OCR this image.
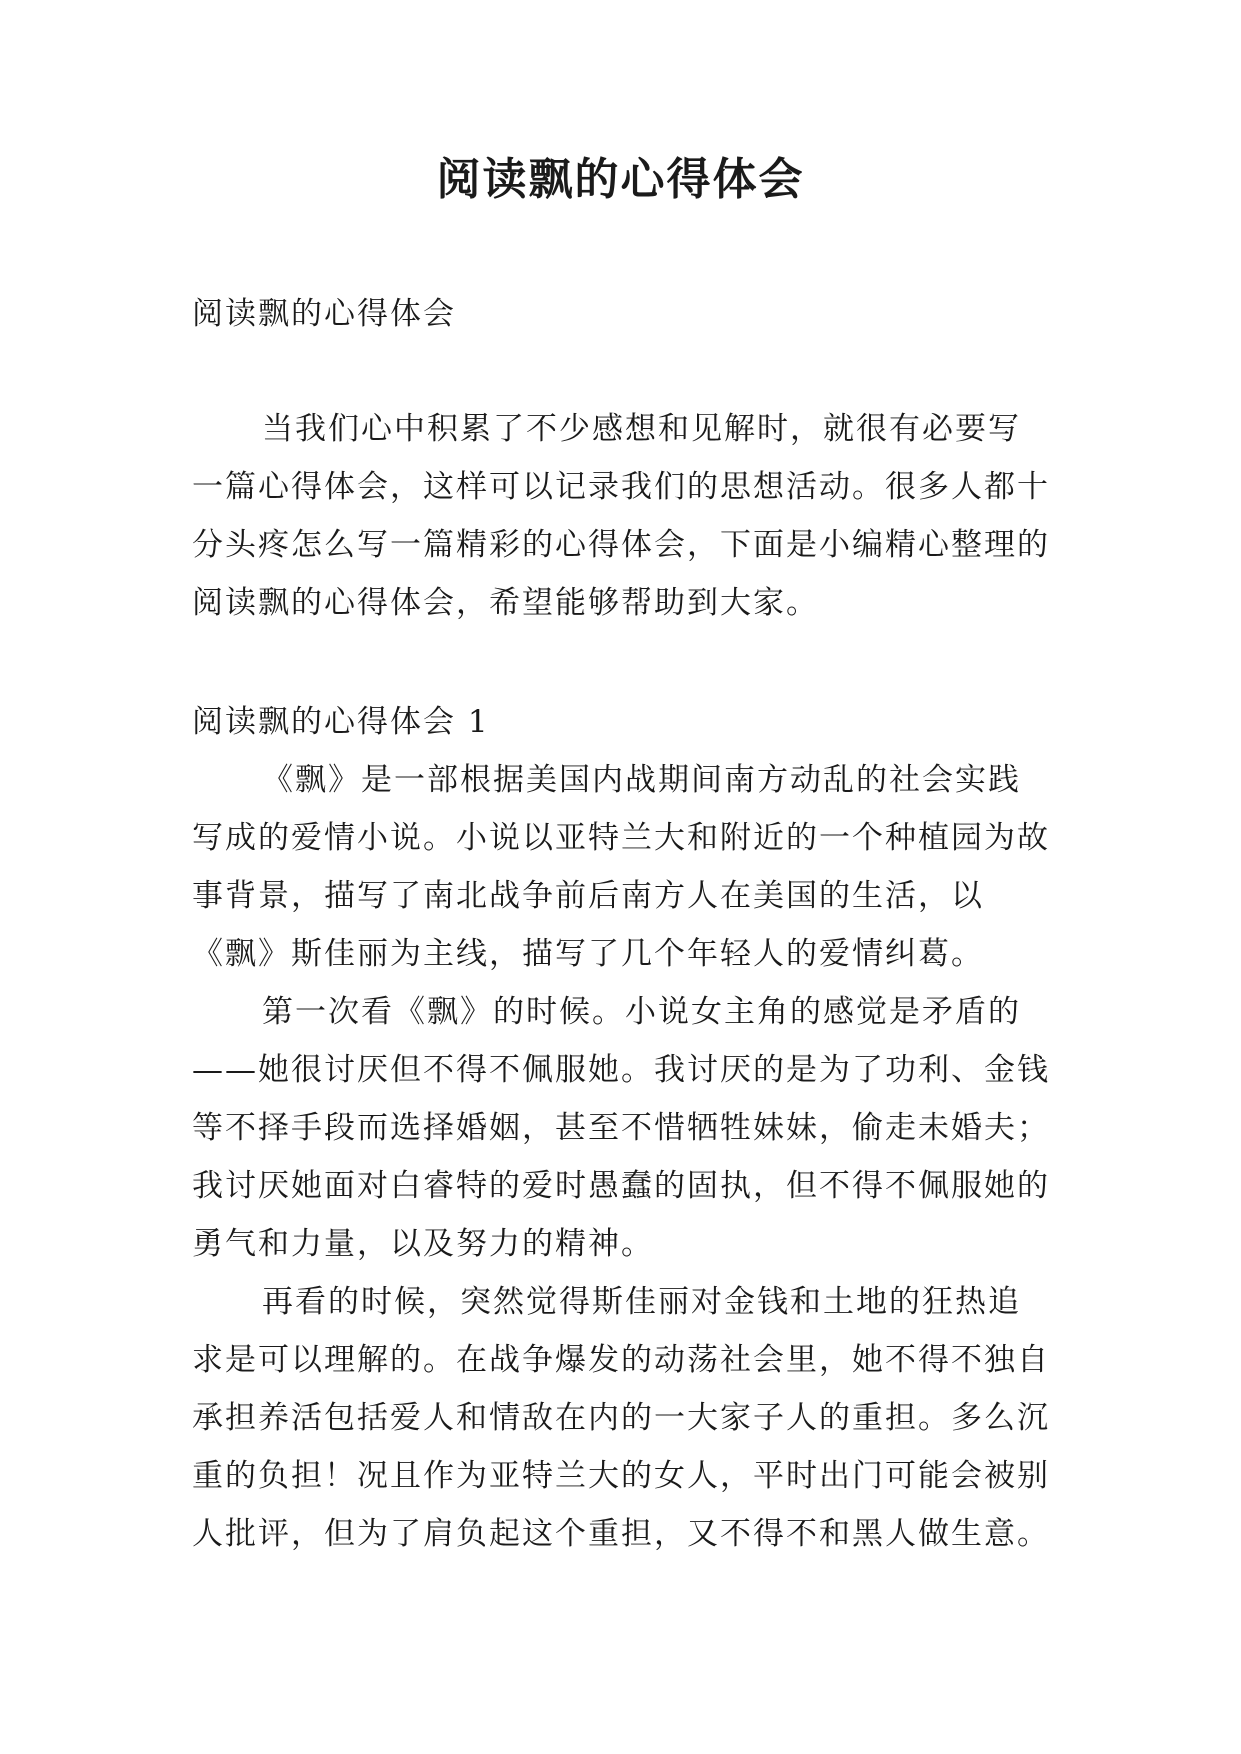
阅读飘的心得体会

阅读飘的心得体会

当我们心中积累了不少感想和见解时，就很有必要写一篇心得体会，这样可以记录我们的思想活动。很多人都十分头疼怎么写一篇精彩的心得体会，下面是小编精心整理的阅读飘的心得体会，希望能够帮助到大家。

阅读飘的心得体会 1

《飘》是一部根据美国内战期间南方动乱的社会实践写成的爱情小说。小说以亚特兰大和附近的一个种植园为故事背景，描写了南北战争前后南方人在美国的生活，以《飘》斯佳丽为主线，描写了几个年轻人的爱情纠葛。

第一次看《飘》的时候。小说女主角的感觉是矛盾的——她很讨厌但不得不佩服她。我讨厌的是为了功利、金钱等不择手段而选择婚姻，甚至不惜牺牲妹妹，偷走未婚夫；我讨厌她面对白睿特的爱时愚蠢的固执，但不得不佩服她的勇气和力量，以及努力的精神。

再看的时候，突然觉得斯佳丽对金钱和土地的狂热追求是可以理解的。在战争爆发的动荡社会里，她不得不独自承担养活包括爱人和情敌在内的一大家子人的重担。多么沉重的负担！况且作为亚特兰大的女人，平时出门可能会被别人批评，但为了肩负起这个重担，又不得不和黑人做生意。
